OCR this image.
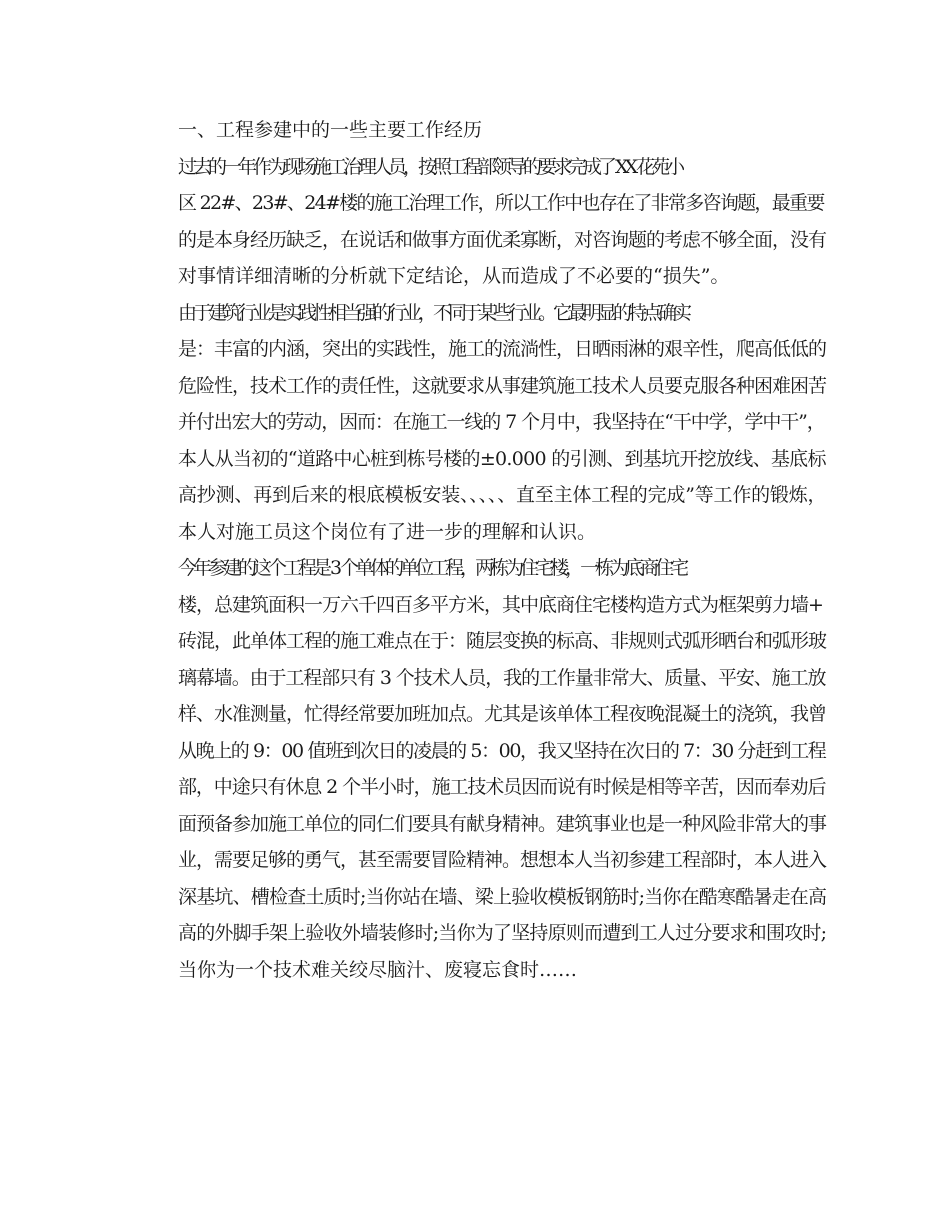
一、工程参建中的一些主要工作经历

过去的一年作为现场施工治理人员，按照工程部领导的要求完成了 XX 花苑小
区 22#、23#、24#楼的施工治理工作，所以工作中也存在了非常多咨询题，最重要
的是本身经历缺乏，在说话和做事方面优柔寡断，对咨询题的考虑不够全面，没有
对事情详细清晰的分析就下定结论，从而造成了不必要的“损失”。

由于建筑行业是实践性相当强的行业，不同于某些行业。它最明显的特点确实
是：丰富的内涵，突出的实践性，施工的流淌性，日晒雨淋的艰辛性，爬高低低的
危险性，技术工作的责任性，这就要求从事建筑施工技术人员要克服各种困难困苦
并付出宏大的劳动，因而：在施工一线的 7 个月中，我坚持在“干中学，学中干”，
本人从当初的“道路中心桩到栋号楼的±0.000 的引测、到基坑开挖放线、基底标
高抄测、再到后来的根底模板安装、、、、、直至主体工程的完成”等工作的锻炼，
本人对施工员这个岗位有了进一步的理解和认识。

今年参建的这个工程是 3 个单体的单位工程，两栋为住宅楼，一栋为底商住宅
楼，总建筑面积一万六千四百多平方米，其中底商住宅楼构造方式为框架剪力墙+
砖混，此单体工程的施工难点在于：随层变换的标高、非规则式弧形晒台和弧形玻
璃幕墙。由于工程部只有 3 个技术人员，我的工作量非常大、质量、平安、施工放
样、水准测量，忙得经常要加班加点。尤其是该单体工程夜晚混凝土的浇筑，我曾
从晚上的 9：00 值班到次日的凌晨的 5：00，我又坚持在次日的 7：30 分赶到工程
部，中途只有休息 2 个半小时，施工技术员因而说有时候是相等辛苦，因而奉劝后
面预备参加施工单位的同仁们要具有献身精神。建筑事业也是一种风险非常大的事
业，需要足够的勇气，甚至需要冒险精神。想想本人当初参建工程部时，本人进入
深基坑、槽检查土质时;当你站在墙、梁上验收模板钢筋时;当你在酷寒酷暑走在高
高的外脚手架上验收外墙装修时;当你为了坚持原则而遭到工人过分要求和围攻时;
当你为一个技术难关绞尽脑汁、废寝忘食时……
